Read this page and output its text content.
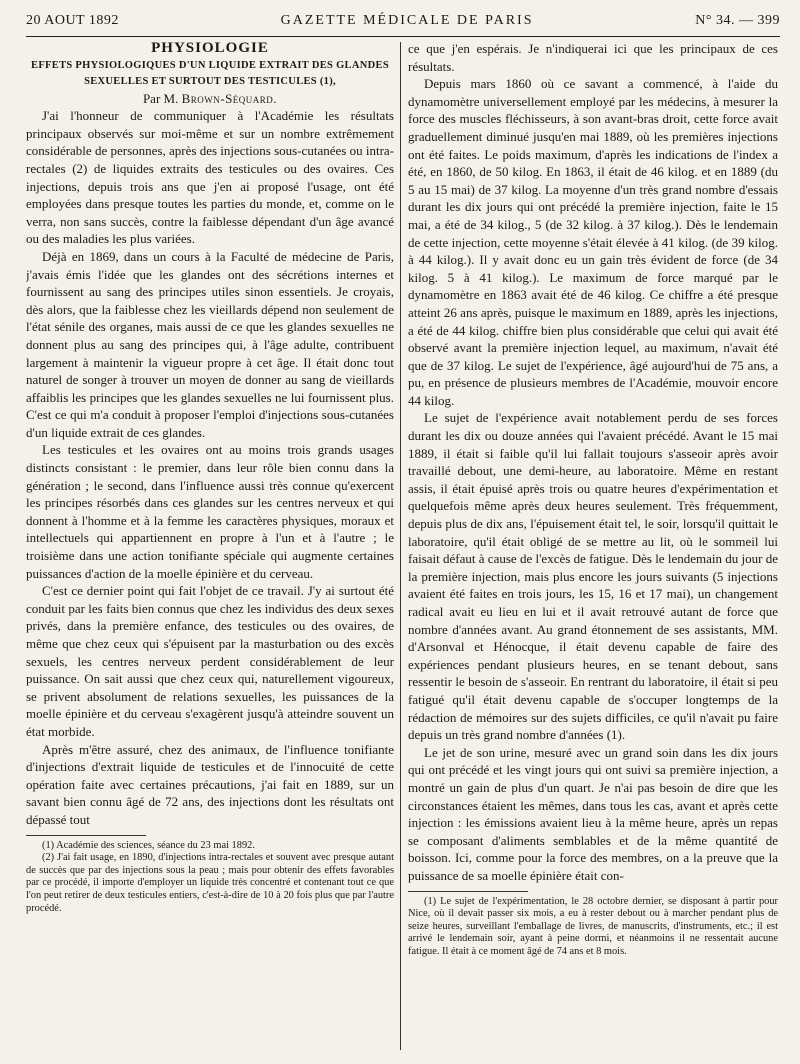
20 AOUT 1892	GAZETTE MÉDICALE DE PARIS	N° 34. — 399

PHYSIOLOGIE

EFFETS PHYSIOLOGIQUES D'UN LIQUIDE EXTRAIT DES GLANDES SEXUELLES ET SURTOUT DES TESTICULES (1),

Par M. Brown-Séquard.

J'ai l'honneur de communiquer à l'Académie les résultats principaux observés sur moi-même et sur un nombre extrêmement considérable de personnes, après des injections sous-cutanées ou intra-rectales (2) de liquides extraits des testicules ou des ovaires. Ces injections, depuis trois ans que j'en ai proposé l'usage, ont été employées dans presque toutes les parties du monde, et, comme on le verra, non sans succès, contre la faiblesse dépendant d'un âge avancé ou des maladies les plus variées.

Déjà en 1869, dans un cours à la Faculté de médecine de Paris, j'avais émis l'idée que les glandes ont des sécrétions internes et fournissent au sang des principes utiles sinon essentiels. Je croyais, dès alors, que la faiblesse chez les vieillards dépend non seulement de l'état sénile des organes, mais aussi de ce que les glandes sexuelles ne donnent plus au sang des principes qui, à l'âge adulte, contribuent largement à maintenir la vigueur propre à cet âge. Il était donc tout naturel de songer à trouver un moyen de donner au sang de vieillards affaiblis les principes que les glandes sexuelles ne lui fournissent plus. C'est ce qui m'a conduit à proposer l'emploi d'injections sous-cutanées d'un liquide extrait de ces glandes.

Les testicules et les ovaires ont au moins trois grands usages distincts consistant : le premier, dans leur rôle bien connu dans la génération ; le second, dans l'influence aussi très connue qu'exercent les principes résorbés dans ces glandes sur les centres nerveux et qui donnent à l'homme et à la femme les caractères physiques, moraux et intellectuels qui appartiennent en propre à l'un et à l'autre ; le troisième dans une action tonifiante spéciale qui augmente certaines puissances d'action de la moelle épinière et du cerveau.

C'est ce dernier point qui fait l'objet de ce travail. J'y ai surtout été conduit par les faits bien connus que chez les individus des deux sexes privés, dans la première enfance, des testicules ou des ovaires, de même que chez ceux qui s'épuisent par la masturbation ou des excès sexuels, les centres nerveux perdent considérablement de leur puissance. On sait aussi que chez ceux qui, naturellement vigoureux, se privent absolument de relations sexuelles, les puissances de la moelle épinière et du cerveau s'exagèrent jusqu'à atteindre souvent un état morbide.

Après m'être assuré, chez des animaux, de l'influence tonifiante d'injections d'extrait liquide de testicules et de l'innocuité de cette opération faite avec certaines précautions, j'ai fait en 1889, sur un savant bien connu âgé de 72 ans, des injections dont les résultats ont dépassé tout

(1) Académie des sciences, séance du 23 mai 1892.

(2) J'ai fait usage, en 1890, d'injections intra-rectales et souvent avec presque autant de succès que par des injections sous la peau ; mais pour obtenir des effets favorables par ce procédé, il importe d'employer un liquide très concentré et contenant tout ce que l'on peut retirer de deux testicules entiers, c'est-à-dire de 10 à 20 fois plus que par l'autre procédé.

ce que j'en espérais. Je n'indiquerai ici que les principaux de ces résultats.

Depuis mars 1860 où ce savant a commencé, à l'aide du dynamomètre universellement employé par les médecins, à mesurer la force des muscles fléchisseurs, à son avant-bras droit, cette force avait graduellement diminué jusqu'en mai 1889, où les premières injections ont été faites. Le poids maximum, d'après les indications de l'index a été, en 1860, de 50 kilog. En 1863, il était de 46 kilog. et en 1889 (du 5 au 15 mai) de 37 kilog. La moyenne d'un très grand nombre d'essais durant les dix jours qui ont précédé la première injection, faite le 15 mai, a été de 34 kilog., 5 (de 32 kilog. à 37 kilog.). Dès le lendemain de cette injection, cette moyenne s'était élevée à 41 kilog. (de 39 kilog. à 44 kilog.). Il y avait donc eu un gain très évident de force (de 34 kilog. 5 à 41 kilog.). Le maximum de force marqué par le dynamomètre en 1863 avait été de 46 kilog. Ce chiffre a été presque atteint 26 ans après, puisque le maximum en 1889, après les injections, a été de 44 kilog. chiffre bien plus considérable que celui qui avait été observé avant la première injection lequel, au maximum, n'avait été que de 37 kilog. Le sujet de l'expérience, âgé aujourd'hui de 75 ans, a pu, en présence de plusieurs membres de l'Académie, mouvoir encore 44 kilog.

Le sujet de l'expérience avait notablement perdu de ses forces durant les dix ou douze années qui l'avaient précédé. Avant le 15 mai 1889, il était si faible qu'il lui fallait toujours s'asseoir après avoir travaillé debout, une demi-heure, au laboratoire. Même en restant assis, il était épuisé après trois ou quatre heures d'expérimentation et quelquefois même après deux heures seulement. Très fréquemment, depuis plus de dix ans, l'épuisement était tel, le soir, lorsqu'il quittait le laboratoire, qu'il était obligé de se mettre au lit, où le sommeil lui faisait défaut à cause de l'excès de fatigue. Dès le lendemain du jour de la première injection, mais plus encore les jours suivants (5 injections avaient été faites en trois jours, les 15, 16 et 17 mai), un changement radical avait eu lieu en lui et il avait retrouvé autant de force que nombre d'années avant. Au grand étonnement de ses assistants, MM. d'Arsonval et Hénocque, il était devenu capable de faire des expériences pendant plusieurs heures, en se tenant debout, sans ressentir le besoin de s'asseoir. En rentrant du laboratoire, il était si peu fatigué qu'il était devenu capable de s'occuper longtemps de la rédaction de mémoires sur des sujets difficiles, ce qu'il n'avait pu faire depuis un très grand nombre d'années (1).

Le jet de son urine, mesuré avec un grand soin dans les dix jours qui ont précédé et les vingt jours qui ont suivi sa première injection, a montré un gain de plus d'un quart. Je n'ai pas besoin de dire que les circonstances étaient les mêmes, dans tous les cas, avant et après cette injection : les émissions avaient lieu à la même heure, après un repas se composant d'aliments semblables et de la même quantité de boisson. Ici, comme pour la force des membres, on a la preuve que la puissance de sa moelle épinière était con-

(1) Le sujet de l'expérimentation, le 28 octobre dernier, se disposant à partir pour Nice, où il devait passer six mois, a eu à rester debout ou à marcher pendant plus de seize heures, surveillant l'emballage de livres, de manuscrits, d'instruments, etc.; il est arrivé le lendemain soir, ayant à peine dormi, et néanmoins il ne ressentait aucune fatigue. Il était à ce moment âgé de 74 ans et 8 mois.
